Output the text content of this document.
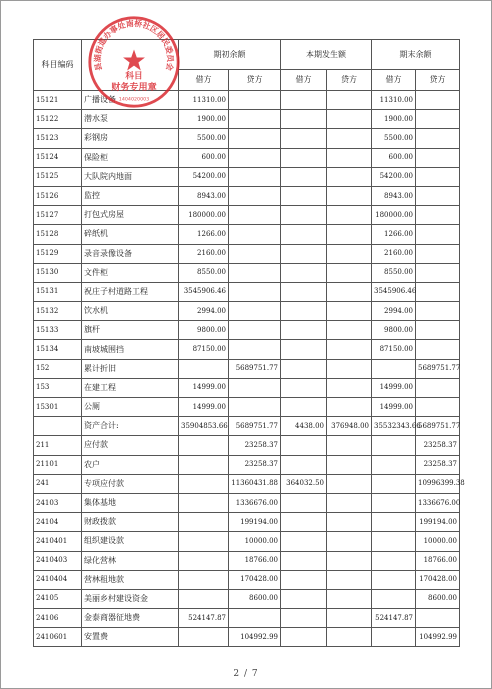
科目编码		期初余额		本期发生额		期末余额	
		借方	贷方	借方	贷方	借方	贷方
15121	广播设备	11310.00				11310.00	
15122	潜水泵	1900.00				1900.00	
15123	彩钢房	5500.00				5500.00	
15124	保险柜	600.00				600.00	
15125	大队院内地面	54200.00				54200.00	
15126	监控	8943.00				8943.00	
15127	打包式房屋	180000.00				180000.00	
15128	碎纸机	1266.00				1266.00	
15129	录音录像设备	2160.00				2160.00	
15130	文件柜	8550.00				8550.00	
15131	祝庄子村道路工程	3545906.46				3545906.46	
15132	饮水机	2994.00				2994.00	
15133	旗杆	9800.00				9800.00	
15134	南坡城围挡	87150.00				87150.00	
152	累计折旧		5689751.77				5689751.77
153	在建工程	14999.00				14999.00	
15301	公厕	14999.00				14999.00	
	资产合计:	35904853.66	5689751.77	4438.00	376948.00	35532343.66	5689751.77
211	应付款		23258.37				23258.37
21101	农户		23258.37				23258.37
241	专项应付款		11360431.88	364032.50			10996399.38
24103	集体基地		1336676.00				1336676.00
24104	财政拨款		199194.00				199194.00
2410401	组织建设款		10000.00				10000.00
2410403	绿化营林		18766.00				18766.00
2410404	营林租地款		170428.00				170428.00
24105	美丽乡村建设资金		8600.00				8600.00
24106	金泰商器征地费	524147.87				524147.87	
2410601	安置费		104992.99				104992.99
县湖街道办事处南桥社区居民委员会
科目
财务专用章
1404020003
2 / 7
